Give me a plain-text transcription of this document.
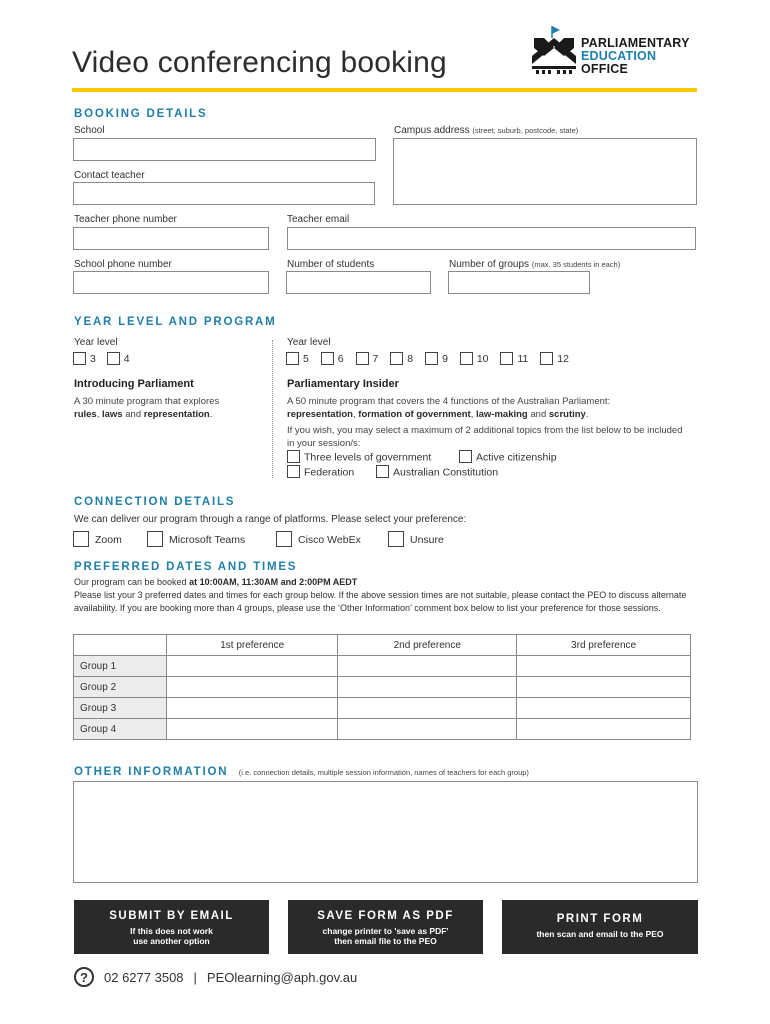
Video conferencing booking
PARLIAMENTARY
EDUCATION
OFFICE
BOOKING DETAILS
School	Campus address (street, suburb, postcode, state)
Contact teacher
Teacher phone number	Teacher email
School phone number	Number of students	Number of groups (max. 35 students in each)
YEAR LEVEL AND PROGRAM
Year level
3	4
Introducing Parliament
A 30 minute program that explores
rules, laws and representation.
Year level
5	6	7	8	9	10	11	12
Parliamentary Insider
A 50 minute program that covers the 4 functions of the Australian Parliament:
representation, formation of government, law-making and scrutiny.
If you wish, you may select a maximum of 2 additional topics from the list below to be included in your session/s:
Three levels of government	Active citizenship
Federation	Australian Constitution
CONNECTION DETAILS
We can deliver our program through a range of platforms. Please select your preference:
Zoom	Microsoft Teams	Cisco WebEx	Unsure
PREFERRED DATES AND TIMES
Our program can be booked at 10:00AM, 11:30AM and 2:00PM AEDT
Please list your 3 preferred dates and times for each group below. If the above session times are not suitable, please contact the PEO to discuss alternate availability. If you are booking more than 4 groups, please use the ‘Other Information’ comment box below to list your preference for those sessions.
	1st preference	2nd preference	3rd preference
Group 1			
Group 2			
Group 3			
Group 4			
OTHER INFORMATION (i.e. connection details, multiple session information, names of teachers for each group)
SUBMIT BY EMAIL
If this does not work
use another option
SAVE FORM AS PDF
change printer to 'save as PDF'
then email file to the PEO
PRINT FORM
then scan and email to the PEO
?	02 6277 3508 | PEOlearning@aph.gov.au
